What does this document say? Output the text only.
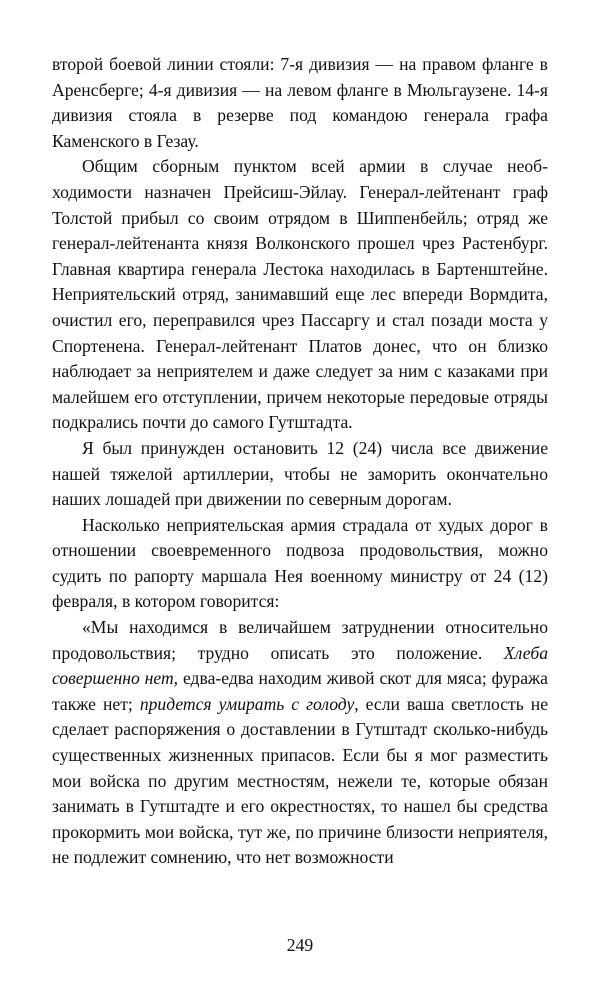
второй боевой линии стояли: 7-я дивизия — на правом фланге в Аренсберге; 4-я дивизия — на левом фланге в Мюльгаузене. 14-я дивизия стояла в резерве под командою генерала графа Каменского в Гезау.

Общим сборным пунктом всей армии в случае необходимости назначен Прейсиш-Эйлау. Генерал-лейтенант граф Толстой прибыл со своим отрядом в Шиппенбейль; отряд же генерал-лейтенанта князя Волконского прошел чрез Растенбург. Главная квартира генерала Лестока находилась в Бартенштейне. Неприятельский отряд, занимавший еще лес впереди Вормдита, очистил его, переправился чрез Пассаргу и стал позади моста у Спортенена. Генерал-лейтенант Платов донес, что он близко наблюдает за неприятелем и даже следует за ним с казаками при малейшем его отступлении, причем некоторые передовые отряды подкрались почти до самого Гутштадта.

Я был принужден остановить 12 (24) числа все движение нашей тяжелой артиллерии, чтобы не заморить окончательно наших лошадей при движении по северным дорогам.

Насколько неприятельская армия страдала от худых дорог в отношении своевременного подвоза продовольствия, можно судить по рапорту маршала Нея военному министру от 24 (12) февраля, в котором говорится:

«Мы находимся в величайшем затруднении относительно продовольствия; трудно описать это положение. Хлеба совершенно нет, едва-едва находим живой скот для мяса; фуража также нет; придется умирать с голоду, если ваша светлость не сделает распоряжения о доставлении в Гутштадт сколько-нибудь существенных жизненных припасов. Если бы я мог разместить мои войска по другим местностям, нежели те, которые обязан занимать в Гутштадте и его окрестностях, то нашел бы средства прокормить мои войска, тут же, по причине близости неприятеля, не подлежит сомнению, что нет возможности

249
